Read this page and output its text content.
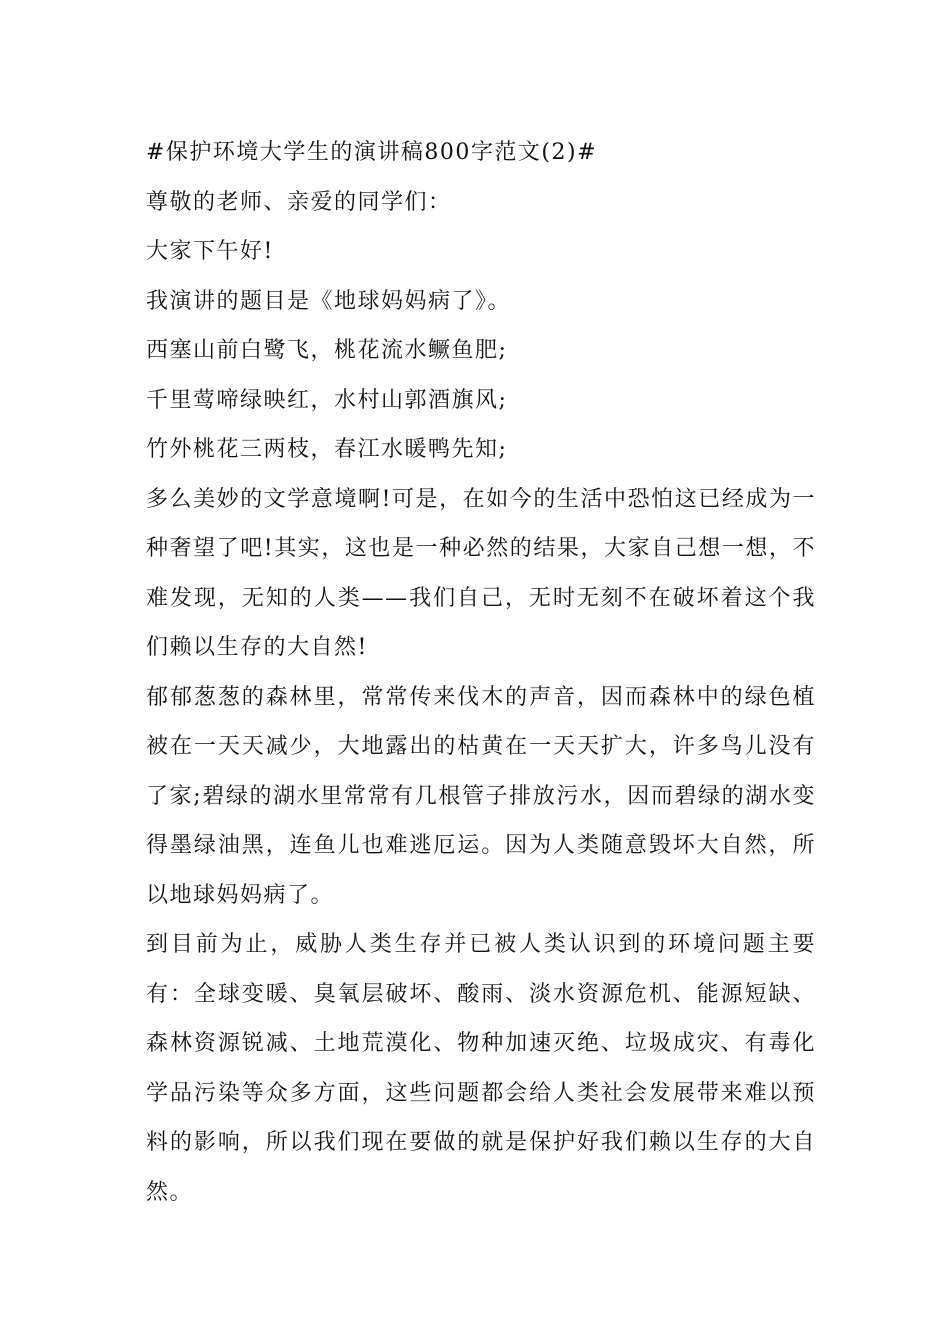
#保护环境大学生的演讲稿800字范文(2)#

尊敬的老师、亲爱的同学们：

大家下午好!

我演讲的题目是《地球妈妈病了》。

西塞山前白鹭飞，桃花流水鳜鱼肥;

千里莺啼绿映红，水村山郭酒旗风;

竹外桃花三两枝，春江水暖鸭先知;

多么美妙的文学意境啊!可是，在如今的生活中恐怕这已经成为一种奢望了吧!其实，这也是一种必然的结果，大家自己想一想，不难发现，无知的人类——我们自己，无时无刻不在破坏着这个我们赖以生存的大自然!

郁郁葱葱的森林里，常常传来伐木的声音，因而森林中的绿色植被在一天天减少，大地露出的枯黄在一天天扩大，许多鸟儿没有了家;碧绿的湖水里常常有几根管子排放污水，因而碧绿的湖水变得墨绿油黑，连鱼儿也难逃厄运。因为人类随意毁坏大自然，所以地球妈妈病了。

到目前为止，威胁人类生存并已被人类认识到的环境问题主要有：全球变暖、臭氧层破坏、酸雨、淡水资源危机、能源短缺、森林资源锐减、土地荒漠化、物种加速灭绝、垃圾成灾、有毒化学品污染等众多方面，这些问题都会给人类社会发展带来难以预料的影响，所以我们现在要做的就是保护好我们赖以生存的大自然。
